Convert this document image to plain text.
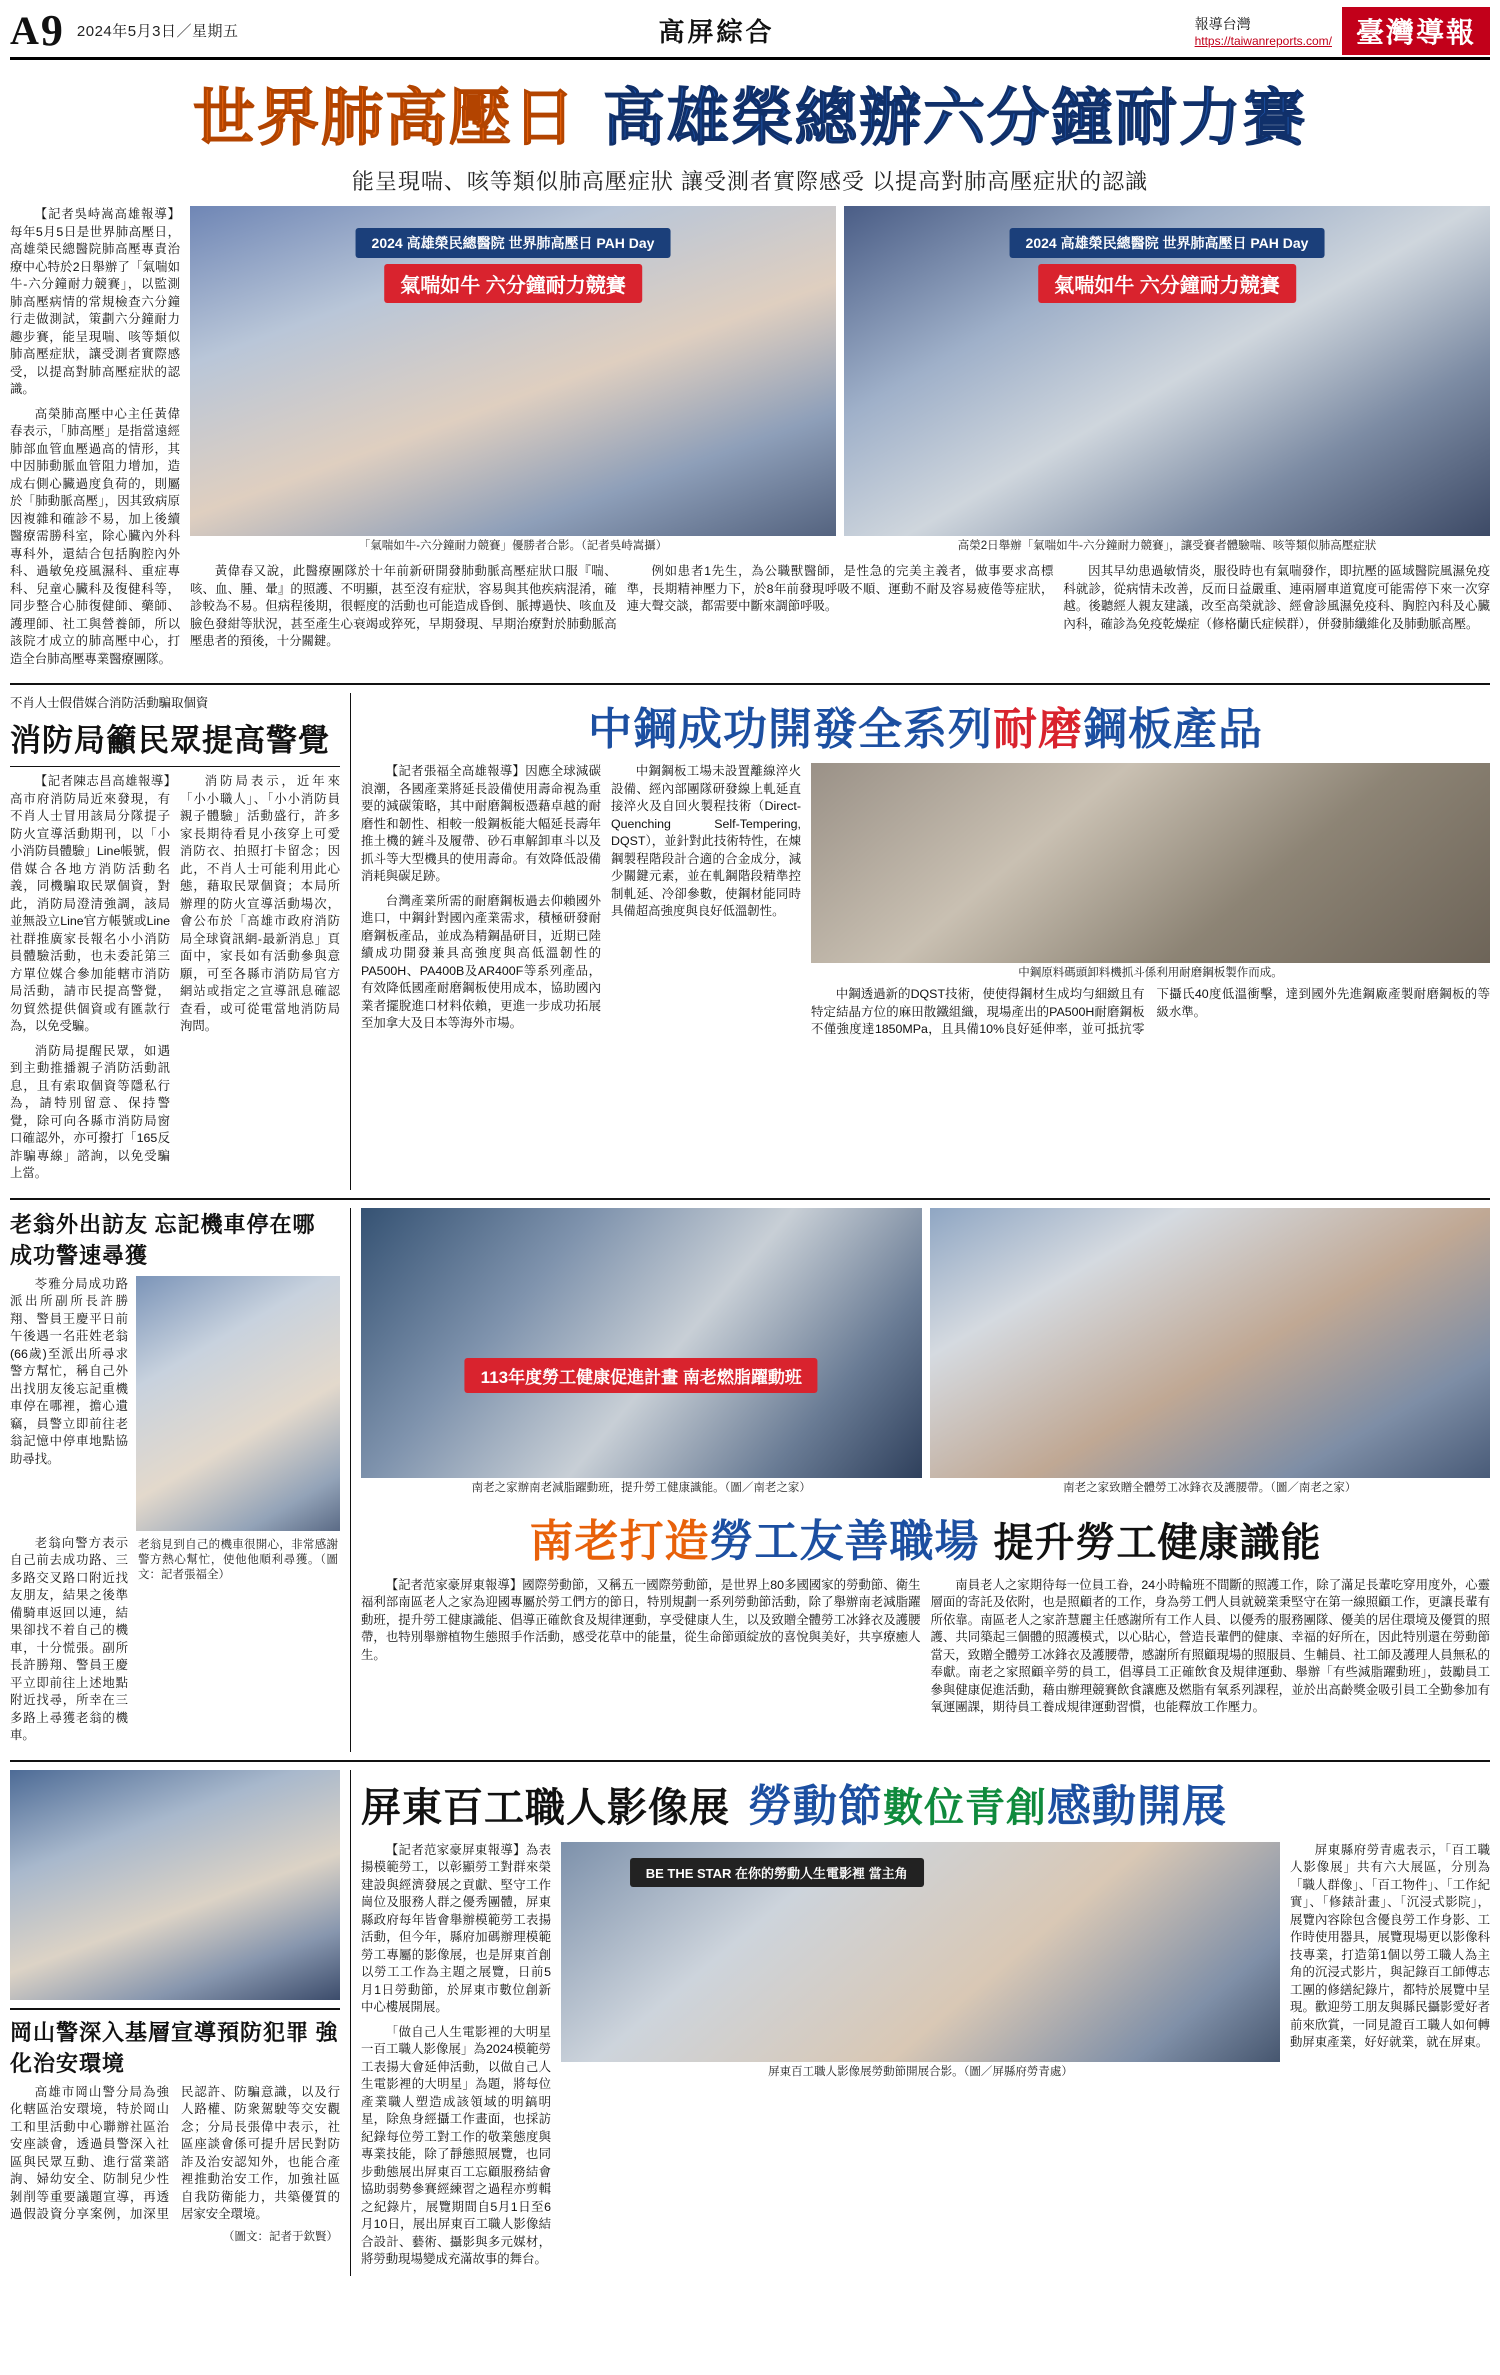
A 9 2024年5月3日／星期五	高屏綜合	報導台灣
https://taiwanreports.com/ 臺灣導報
世界肺高壓日 高雄榮總辦六分鐘耐力賽
能呈現喘、咳等類似肺高壓症狀 讓受測者實際感受 以提高對肺高壓症狀的認識

【記者吳峙嵩高雄報導】每年5月5日是世界肺高壓日，高雄榮民總醫院肺高壓專責治療中心特於2日舉辦了「氣喘如牛-六分鐘耐力競賽」，以監測肺高壓病情的常規檢查六分鐘行走做測試，策劃六分鐘耐力趣步賽，能呈現喘、咳等類似肺高壓症狀，讓受測者實際感受，以提高對肺高壓症狀的認識。

高榮肺高壓中心主任黃偉春表示，「肺高壓」是指當遠經肺部血管血壓過高的情形，其中因肺動脈血管阻力增加，造成右側心臟過度負荷的，則屬於「肺動脈高壓」，因其致病原因複雜和確診不易，加上後續醫療需勝科室，除心臟內外科專科外，還結合包括胸腔內外科、過敏免疫風濕科、重症專科、兒童心臟科及復健科等，同步整合心肺復健師、藥師、護理師、社工與營養師，所以該院才成立的肺高壓中心，打造全台肺高壓專業醫療團隊。

2024 高雄榮民總醫院 世界肺高壓日 PAH Day
氣喘如牛 六分鐘耐力競賽
「氣喘如牛-六分鐘耐力競賽」優勝者合影。（記者吳峙嵩攝）
2024 高雄榮民總醫院 世界肺高壓日 PAH Day
氣喘如牛 六分鐘耐力競賽
高榮2日舉辦「氣喘如牛-六分鐘耐力競賽」，讓受賽者體驗喘、咳等類似肺高壓症狀

黃偉春又說，此醫療團隊於十年前新研開發肺動脈高壓症狀口服『喘、咳、血、腫、暈』的照護、不明顯，甚至沒有症狀，容易與其他疾病混淆，確診較為不易。但病程後期，很輕度的活動也可能造成昏倒、脈搏過快、咳血及臉色發紺等狀況，甚至產生心衰竭或猝死，早期發現、早期治療對於肺動脈高壓患者的預後，十分關鍵。

例如患者1先生，為公職獸醫師，是性急的完美主義者，做事要求高標準，長期精神壓力下，於8年前發現呼吸不順、運動不耐及容易疲倦等症狀，連大聲交談，都需要中斷來調節呼吸。

因其早幼患過敏情炎，服役時也有氣喘發作，即抗壓的區域醫院風濕免疫科就診，從病情未改善，反而日益嚴重、連兩層車道寬度可能需停下來一次穿越。後聽經人親友建議，改至高榮就診、經會診風濕免疫科、胸腔內科及心臟內科，確診為免疫乾燥症（修格蘭氏症候群），併發肺纖維化及肺動脈高壓。

不肖人士假借媒合消防活動騙取個資
消防局籲民眾提高警覺

【記者陳志昌高雄報導】高市府消防局近來發現，有不肖人士冒用該局分隊提子防火宣導活動期刊，以「小小消防員體驗」Line帳號，假借媒合各地方消防活動名義，同機騙取民眾個資，對此，消防局澄清強調，該局並無設立Line官方帳號或Line社群推廣家長報名小小消防員體驗活動，也未委託第三方單位媒合參加能轄市消防局活動，請市民提高警覺，勿貿然提供個資或有匯款行為，以免受騙。

消防局提醒民眾，如遇到主動推播親子消防活動訊息，且有索取個資等隱私行為，請特別留意、保持警覺，除可向各縣市消防局窗口確認外，亦可撥打「165反詐騙專線」諮詢，以免受騙上當。

消防局表示，近年來「小小職人」、「小小消防員親子體驗」活動盛行，許多家長期待看見小孩穿上可愛消防衣、拍照打卡留念；因此，不肖人士可能利用此心態，藉取民眾個資；本局所辦理的防火宣導活動場次，會公布於「高雄市政府消防局全球資訊網-最新消息」頁面中，家長如有活動參與意願，可至各縣市消防局官方網站或指定之宣導訊息確認查看，或可從電當地消防局洵問。

中鋼成功開發全系列耐磨鋼板產品

【記者張福全高雄報導】因應全球減碳浪潮，各國產業將延長設備使用壽命視為重要的減碳策略，其中耐磨鋼板憑藉卓越的耐磨性和韌性、相較一般鋼板能大幅延長壽年推土機的鏟斗及履帶、砂石車解卸車斗以及抓斗等大型機具的使用壽命。有效降低設備消耗與碳足跡。

台灣產業所需的耐磨鋼板過去仰賴國外進口，中鋼針對國內產業需求，積極研發耐磨鋼板產品，並成為精鋼晶研目，近期已陸續成功開發兼具高強度與高低溫韌性的PA500H、PA400B及AR400F等系列產品，有效降低國產耐磨鋼板使用成本，協助國內業者擺脫進口材料依賴，更進一步成功拓展至加拿大及日本等海外市場。

中鋼鋼板工場未設置離線淬火設備、經內部團隊研發線上軋延直接淬火及自回火製程技術（Direct-Quenching Self-Tempering, DQST），並針對此技術特性，在煉鋼製程階段計合適的合金成分，減少關鍵元素，並在軋鋼階段精準控制軋延、冷卻參數，使鋼材能同時具備超高強度與良好低溫韌性。

中鋼原料碼頭卸料機抓斗係利用耐磨鋼板製作而成。

中鋼透過新的DQST技術，使使得鋼材生成均勻細緻且有特定結晶方位的麻田散鐵組織，現場產出的PA500H耐磨鋼板不僅強度達1850MPa，且具備10%良好延伸率，並可抵抗零下攝氏40度低溫衝擊，達到國外先進鋼廠產製耐磨鋼板的等級水準。

老翁外出訪友 忘記機車停在哪 成功警速尋獲

苓雅分局成功路派出所副所長許勝翔、警員王慶平日前午後遇一名莊姓老翁(66歲)至派出所尋求警方幫忙，稱自己外出找朋友後忘記重機車停在哪裡，擔心遺竊，員警立即前往老翁記憶中停車地點協助尋找。

老翁向警方表示自己前去成功路、三多路交叉路口附近找友朋友，結果之後準備騎車返回以連，結果卻找不着自己的機車，十分慌張。副所長許勝翔、警員王慶平立即前往上述地點附近找尋，所幸在三多路上尋獲老翁的機車。

老翁見到自己的機車很開心，非常感謝警方熱心幫忙，使他他順利尋獲。（圖文：記者張福全）
113年度勞工健康促進計畫 南老燃脂躍動班
南老之家辦南老減脂躍動班，提升勞工健康識能。（圖／南老之家）	南老之家致贈全體勞工冰鋒衣及護腰帶。（圖／南老之家）
南老打造勞工友善職場 提升勞工健康識能

【記者范家豪屏東報導】國際勞動節，又稱五一國際勞動節，是世界上80多國國家的勞動節、衛生福利部南區老人之家為迎國專屬於勞工們方的節日，特別規劃一系列勞動節活動，除了舉辦南老減脂躍動班，提升勞工健康識能、倡導正確飲食及規律運動，享受健康人生，以及致贈全體勞工冰鋒衣及護腰帶，也特別舉辦植物生態照手作活動，感受花草中的能量，從生命節頭綻放的喜悅與美好，共享療癒人生。

南員老人之家期待每一位員工眷，24小時輪班不間斷的照護工作，除了滿足長輩吃穿用度外，心靈層面的寄託及依附，也是照顧者的工作，身為勞工們人員就競業秉堅守在第一線照顧工作，更讓長輩有所依靠。南區老人之家許慧麗主任感謝所有工作人員、以優秀的服務團隊、優美的居住環境及優質的照護、共同築起三個體的照護模式，以心貼心，營造長輩們的健康、幸福的好所在，因此特別還在勞動節當天，致贈全體勞工冰鋒衣及護腰帶，感謝所有照顧現場的照服員、生輔員、社工師及護理人員無私的奉獻。南老之家照顧辛勞的員工，倡導員工正確飲食及規律運動、舉辦「有些減脂躍動班」，鼓勵員工參與健康促進活動，藉由辦理競賽飲食讓應及燃脂有氧系列課程，並於出高齡獎金吸引員工全勤參加有氧運團課，期待員工養成規律運動習慣，也能釋放工作壓力。

岡山警深入基層宣導預防犯罪 強化治安環境

高雄市岡山警分局為強化轄區治安環境，特於岡山工和里活動中心聯辦社區治安座談會，透過員警深入社區與民眾互動、進行當業諮詢、婦幼安全、防制兒少性剝削等重要議題宣導，再透過假設資分享案例，加深里民認許、防騙意識，以及行人路權、防衆駕駛等交安觀念；分局長張偉中表示，社區座談會係可提升居民對防詐及治安認知外，也能合產裡推動治安工作，加強社區自我防衛能力，共築優質的居家安全環境。

（圖文：記者于欽賢）
屏東百工職人影像展 勞動節數位青創感動開展

【記者范家豪屏東報導】為表揚模範勞工，以彰顯勞工對群來榮建設與經濟發展之貢獻、堅守工作崗位及服務人群之優秀團體，屏東縣政府每年皆會舉辦模範勞工表揚活動，但今年，縣府加碼辦理模範勞工專屬的影像展，也是屏東首創以勞工工作為主題之展覽，日前5月1日勞動節，於屏東市數位創新中心樓展開展。

「做自己人生電影裡的大明星一百工職人影像展」為2024模範勞工表揚大會延伸活動，以做自己人生電影裡的大明星」為題，將每位產業職人塑造成該領域的明鎬明星，除魚身經攝工作畫面，也採訪紀錄每位勞工對工作的敬業態度與專業技能，除了靜態照展覽，也同步動態展出屏東百工忘顧服務結會協助弱勢參賽經練習之過程亦剪輯之紀錄片，展覽期間自5月1日至6月10日，展出屏東百工職人影像結合設計、藝術、攝影與多元媒材，將勞動現場變成充滿故事的舞台。

BE THE STAR 在你的勞動人生電影裡 當主角
屏東百工職人影像展勞動節開展合影。（圖／屏縣府勞青處）

屏東縣府勞青處表示，「百工職人影像展」共有六大展區，分別為「職人群像」、「百工物件」、「工作紀實」、「修錶計畫」、「沉浸式影院」，展覽內容除包含優良勞工作身影、工作時使用器具，展覽現場更以影像科技專業，打造第1個以勞工職人為主角的沉浸式影片，與記錄百工師傅志工團的修繕紀錄片，都特於展覽中呈現。歡迎勞工朋友與縣民攝影愛好者前來欣賞，一同見證百工職人如何轉動屏東產業，好好就業，就在屏東。
